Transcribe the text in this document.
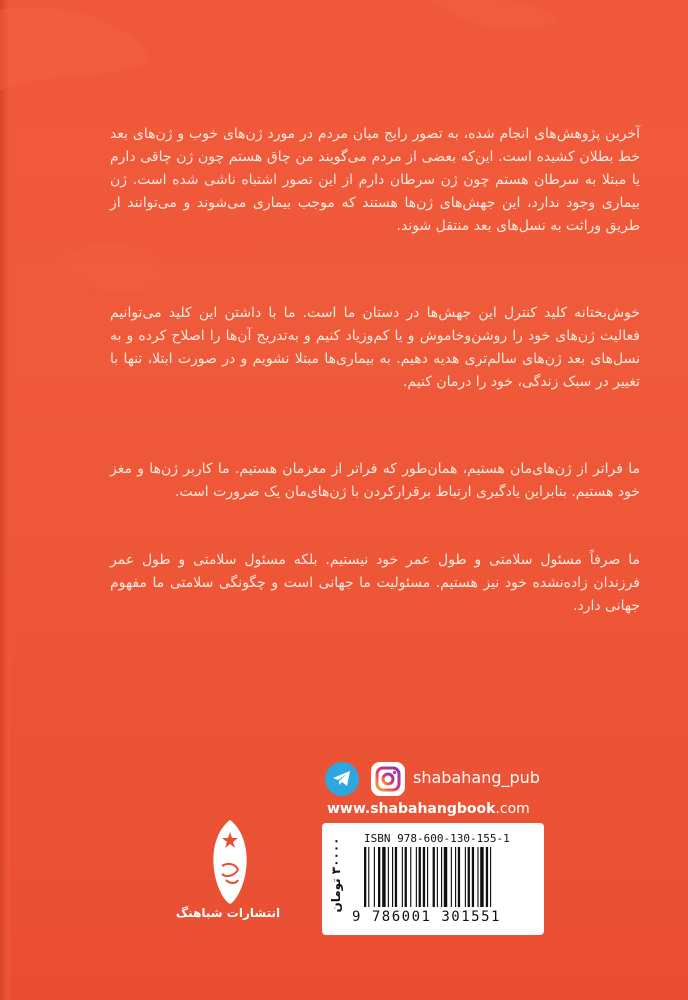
آخرین پژوهش‌های انجام شده، به تصور رایج میان مردم در مورد ژن‌های خوب و ژن‌های بعد خط بطلان کشیده است. این‌که بعضی از مردم می‌گویند من چاق هستم چون ژن چاقی دارم یا مبتلا به سرطان هستم چون ژن سرطان دارم از این تصور اشتباه ناشی شده است. ژن بیماری وجود ندارد، این جهش‌های ژن‌ها هستند که موجب بیماری می‌شوند و می‌توانند از طریق وراثت به نسل‌های بعد منتقل شوند.

خوش‌بختانه کلید کنترل این جهش‌ها در دستان ما است. ما با داشتن این کلید می‌توانیم فعالیت ژن‌های خود را روشن‌وخاموش و یا کم‌وزیاد کنیم و به‌تدریج آن‌ها را اصلاح کرده و به نسل‌های بعد ژن‌های سالم‌تری هدیه دهیم. به بیماری‌ها مبتلا نشویم و در صورت ابتلا، تنها با تغییر در سبک زندگی، خود را درمان کنیم.

ما فراتر از ژن‌های‌مان هستیم، همان‌طور که فراتر از مغزمان هستیم. ما کاربر ژن‌ها و مغز خود هستیم. بنابراین یادگیری ارتباط برقرارکردن با ژن‌های‌مان یک ضرورت است.

ما صرفاً مسئول سلامتی و طول عمر خود نیستیم. بلکه مسئول سلامتی و طول عمر فرزندان زاده‌نشده خود نیز هستیم. مسئولیت ما جهانی است و چگونگی سلامتی ما مفهوم جهانی دارد.

shabahang_pub
www.shabahangbook.com
۳۰۰۰۰ تومان ISBN 978-600-130-155-1
9 786001 301551
انتشارات شباهنگ
